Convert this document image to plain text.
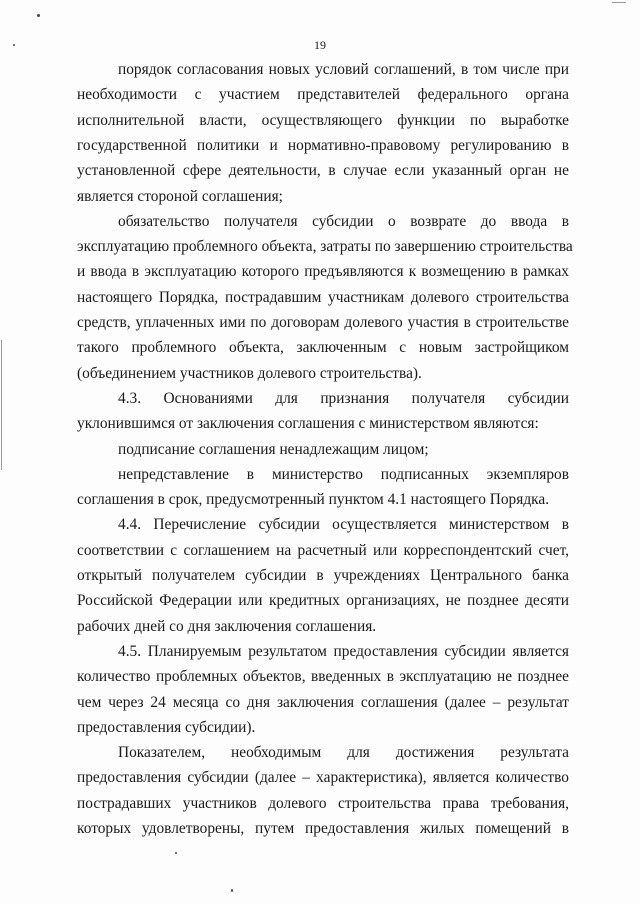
19
порядок согласования новых условий соглашений, в том числе при
необходимости с участием представителей федерального органа
исполнительной власти, осуществляющего функции по выработке
государственной политики и нормативно-правовому регулированию в
установленной сфере деятельности, в случае если указанный орган не
является стороной соглашения;
обязательство получателя субсидии о возврате до ввода в
эксплуатацию проблемного объекта, затраты по завершению строительства
и ввода в эксплуатацию которого предъявляются к возмещению в рамках
настоящего Порядка, пострадавшим участникам долевого строительства
средств, уплаченных ими по договорам долевого участия в строительстве
такого проблемного объекта, заключенным с новым застройщиком
(объединением участников долевого строительства).
4.3. Основаниями для признания получателя субсидии
уклонившимся от заключения соглашения с министерством являются:
подписание соглашения ненадлежащим лицом;
непредставление в министерство подписанных экземпляров
соглашения в срок, предусмотренный пунктом 4.1 настоящего Порядка.
4.4. Перечисление субсидии осуществляется министерством в
соответствии с соглашением на расчетный или корреспондентский счет,
открытый получателем субсидии в учреждениях Центрального банка
Российской Федерации или кредитных организациях, не позднее десяти
рабочих дней со дня заключения соглашения.
4.5. Планируемым результатом предоставления субсидии является
количество проблемных объектов, введенных в эксплуатацию не позднее
чем через 24 месяца со дня заключения соглашения (далее – результат
предоставления субсидии).
Показателем, необходимым для достижения результата
предоставления субсидии (далее – характеристика), является количество
пострадавших участников долевого строительства права требования,
которых удовлетворены, путем предоставления жилых помещений в
